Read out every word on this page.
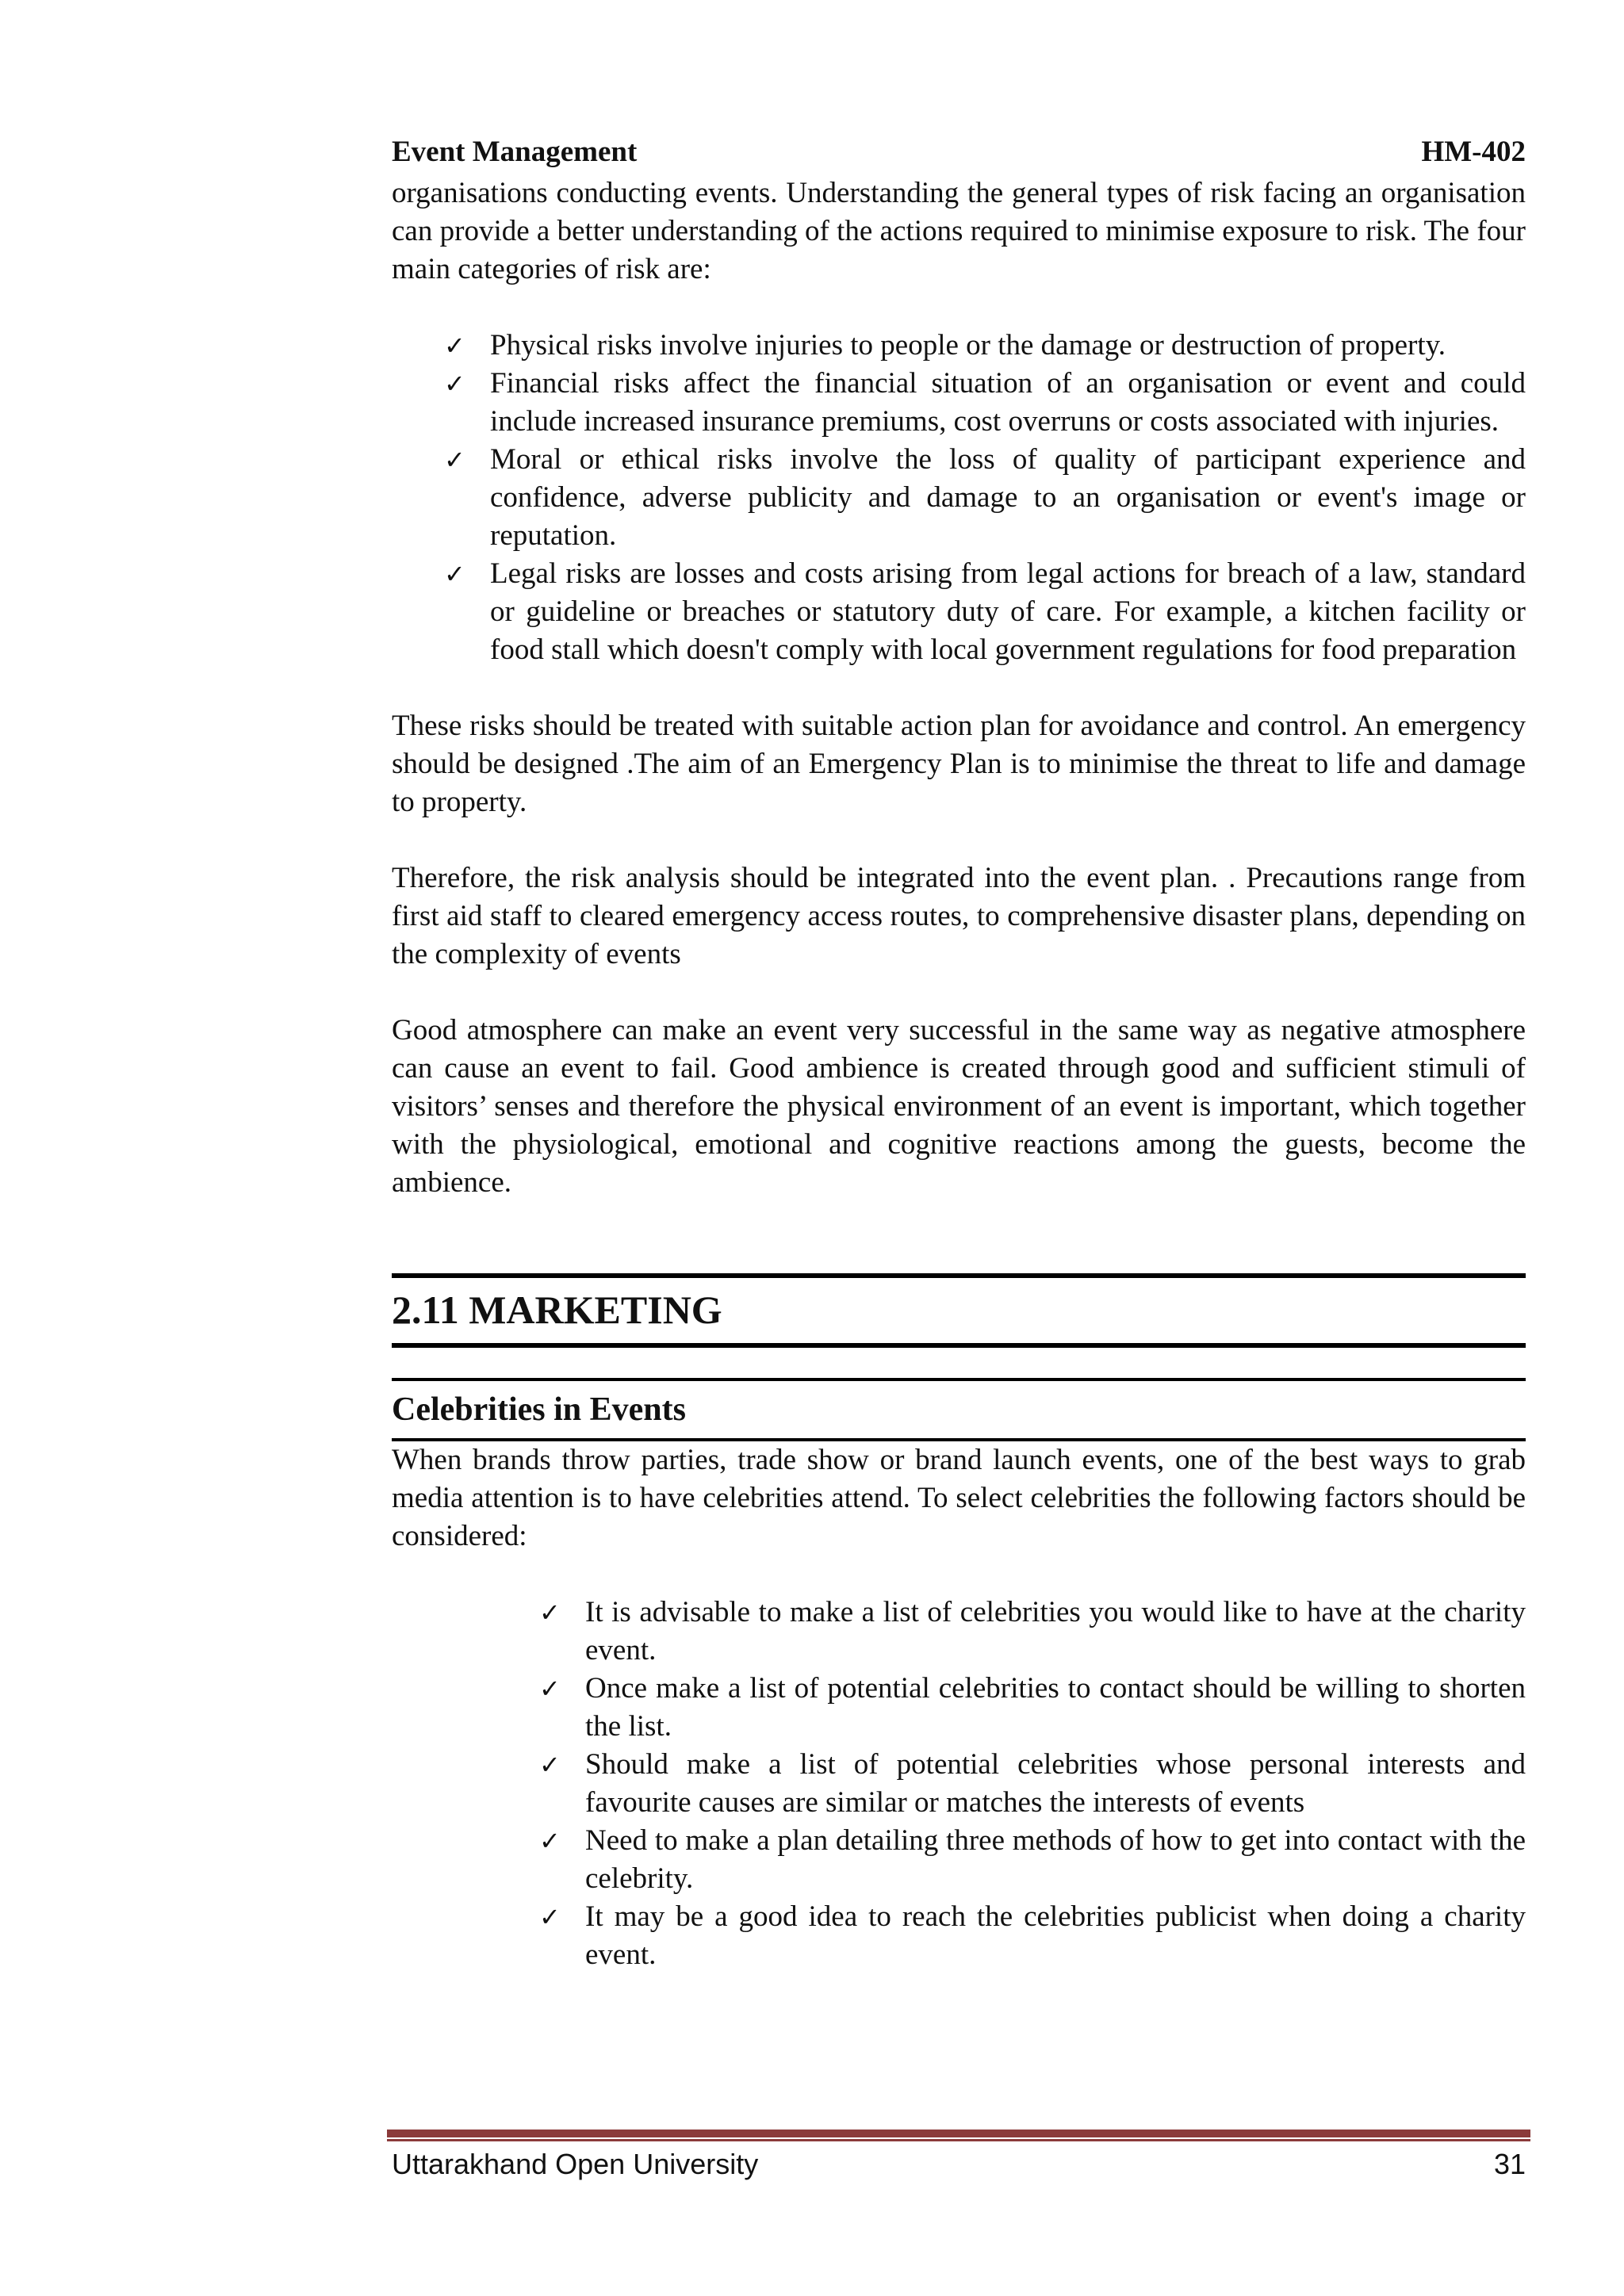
Event Management	HM-402

organisations conducting events. Understanding the general types of risk facing an organisation can provide a better understanding of the actions required to minimise exposure to risk. The four main categories of risk are:

✓ Physical risks involve injuries to people or the damage or destruction of property.
✓ Financial risks affect the financial situation of an organisation or event and could include increased insurance premiums, cost overruns or costs associated with injuries.
✓ Moral or ethical risks involve the loss of quality of participant experience and confidence, adverse publicity and damage to an organisation or event's image or reputation.
✓ Legal risks are losses and costs arising from legal actions for breach of a law, standard or guideline or breaches or statutory duty of care. For example, a kitchen facility or food stall which doesn't comply with local government regulations for food preparation

These risks should be treated with suitable action plan for avoidance and control. An emergency should be designed .The aim of an Emergency Plan is to minimise the threat to life and damage to property.

Therefore, the risk analysis should be integrated into the event plan. . Precautions range from first aid staff to cleared emergency access routes, to comprehensive disaster plans, depending on the complexity of events

Good atmosphere can make an event very successful in the same way as negative atmosphere can cause an event to fail. Good ambience is created through good and sufficient stimuli of visitors’ senses and therefore the physical environment of an event is important, which together with the physiological, emotional and cognitive reactions among the guests, become the ambience.

2.11 MARKETING
Celebrities in Events

When brands throw parties, trade show or brand launch events, one of the best ways to grab media attention is to have celebrities attend. To select celebrities the following factors should be considered:

✓ It is advisable to make a list of celebrities you would like to have at the charity event.
✓ Once make a list of potential celebrities to contact should be willing to shorten the list.
✓ Should make a list of potential celebrities whose personal interests and favourite causes are similar or matches the interests of events
✓ Need to make a plan detailing three methods of how to get into contact with the celebrity.
✓ It may be a good idea to reach the celebrities publicist when doing a charity event.
Uttarakhand Open University	31
